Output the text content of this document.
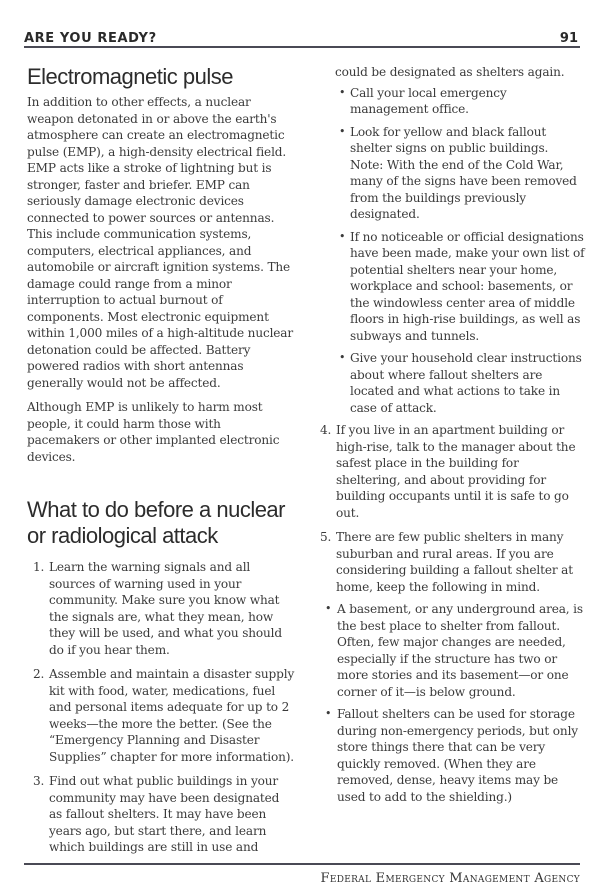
ARE YOU READY?	91
Electromagnetic pulse

In addition to other effects, a nuclear weapon detonated in or above the earth's atmosphere can create an electromagnetic pulse (EMP), a high-density electrical field. EMP acts like a stroke of lightning but is stronger, faster and briefer. EMP can seriously damage electronic devices connected to power sources or antennas. This include communication systems, computers, electrical appliances, and automobile or aircraft ignition systems. The damage could range from a minor interruption to actual burnout of components. Most electronic equipment within 1,000 miles of a high-altitude nuclear detonation could be affected. Battery powered radios with short antennas generally would not be affected.

Although EMP is unlikely to harm most people, it could harm those with pacemakers or other implanted electronic devices.

What to do before a nuclear or radiological attack
1. Learn the warning signals and all sources of warning used in your community. Make sure you know what the signals are, what they mean, how they will be used, and what you should do if you hear them.
2. Assemble and maintain a disaster supply kit with food, water, medications, fuel and personal items adequate for up to 2 weeks—the more the better. (See the “Emergency Planning and Disaster Supplies” chapter for more information).
3. Find out what public buildings in your community may have been designated as fallout shelters. It may have been years ago, but start there, and learn which buildings are still in use and

could be designated as shelters again.

• Call your local emergency management office.
• Look for yellow and black fallout shelter signs on public buildings. Note: With the end of the Cold War, many of the signs have been removed from the buildings previously designated.
• If no noticeable or official designations have been made, make your own list of potential shelters near your home, workplace and school: basements, or the windowless center area of middle floors in high-rise buildings, as well as subways and tunnels.
• Give your household clear instructions about where fallout shelters are located and what actions to take in case of attack.
4. If you live in an apartment building or high-rise, talk to the manager about the safest place in the building for sheltering, and about providing for building occupants until it is safe to go out.
5. There are few public shelters in many suburban and rural areas. If you are considering building a fallout shelter at home, keep the following in mind.
• A basement, or any underground area, is the best place to shelter from fallout. Often, few major changes are needed, especially if the structure has two or more stories and its basement—or one corner of it—is below ground.
• Fallout shelters can be used for storage during non-emergency periods, but only store things there that can be very quickly removed. (When they are removed, dense, heavy items may be used to add to the shielding.)
Federal Emergency Management Agency
